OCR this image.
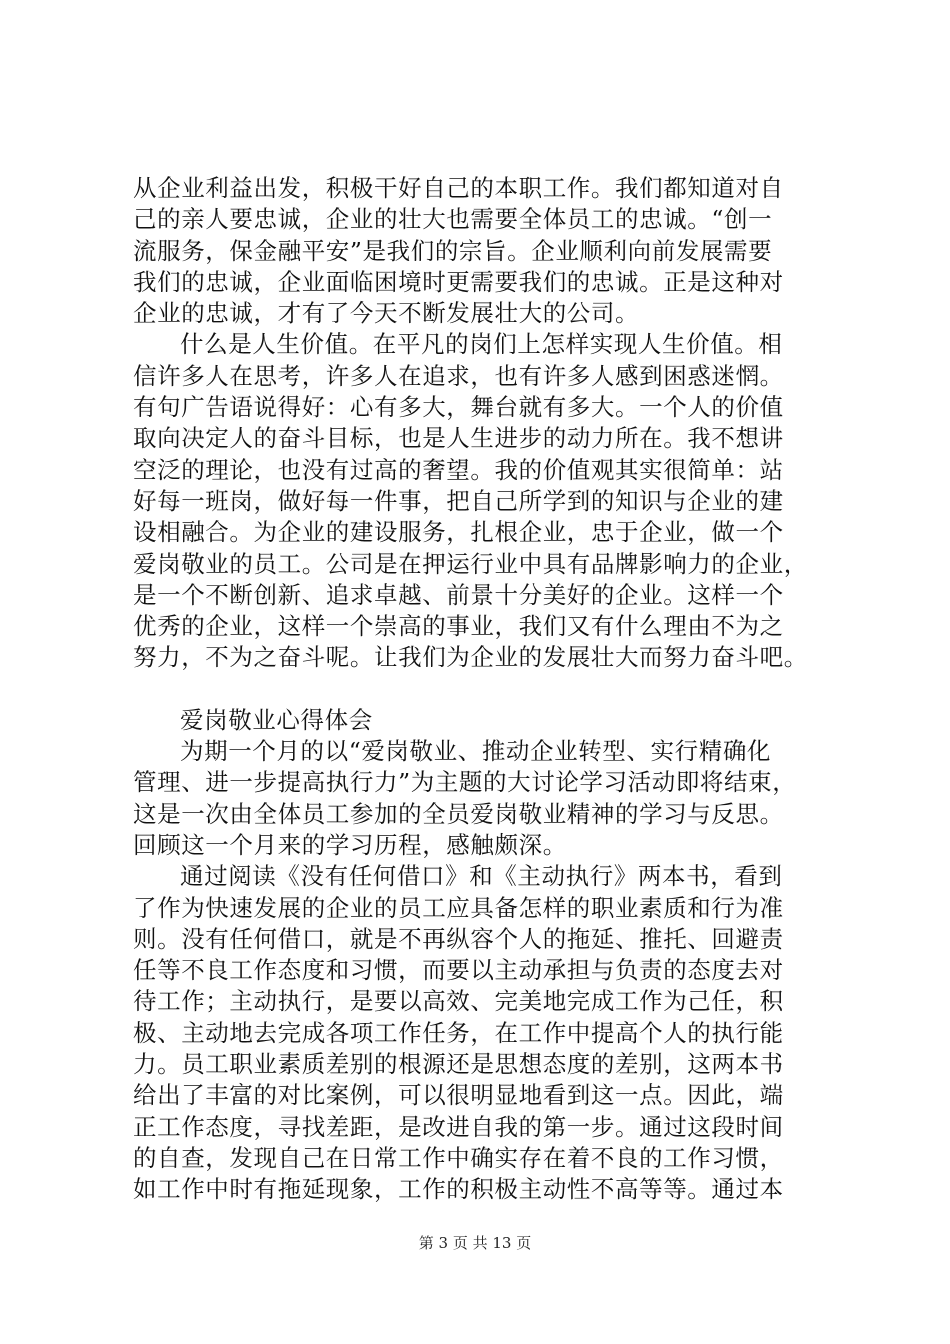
从企业利益出发，积极干好自己的本职工作。我们都知道对自
己的亲人要忠诚，企业的壮大也需要全体员工的忠诚。“创一
流服务，保金融平安”是我们的宗旨。企业顺利向前发展需要
我们的忠诚，企业面临困境时更需要我们的忠诚。正是这种对
企业的忠诚，才有了今天不断发展壮大的公司。
什么是人生价值。在平凡的岗们上怎样实现人生价值。相
信许多人在思考，许多人在追求，也有许多人感到困惑迷惘。
有句广告语说得好：心有多大，舞台就有多大。一个人的价值
取向决定人的奋斗目标，也是人生进步的动力所在。我不想讲
空泛的理论，也没有过高的奢望。我的价值观其实很简单：站
好每一班岗，做好每一件事，把自己所学到的知识与企业的建
设相融合。为企业的建设服务，扎根企业，忠于企业，做一个
爱岗敬业的员工。公司是在押运行业中具有品牌影响力的企业，
是一个不断创新、追求卓越、前景十分美好的企业。这样一个
优秀的企业，这样一个崇高的事业，我们又有什么理由不为之
努力，不为之奋斗呢。让我们为企业的发展壮大而努力奋斗吧。
爱岗敬业心得体会
为期一个月的以“爱岗敬业、推动企业转型、实行精确化
管理、进一步提高执行力”为主题的大讨论学习活动即将结束，
这是一次由全体员工参加的全员爱岗敬业精神的学习与反思。
回顾这一个月来的学习历程，感触颇深。
通过阅读《没有任何借口》和《主动执行》两本书，看到
了作为快速发展的企业的员工应具备怎样的职业素质和行为准
则。没有任何借口，就是不再纵容个人的拖延、推托、回避责
任等不良工作态度和习惯，而要以主动承担与负责的态度去对
待工作；主动执行，是要以高效、完美地完成工作为己任，积
极、主动地去完成各项工作任务，在工作中提高个人的执行能
力。员工职业素质差别的根源还是思想态度的差别，这两本书
给出了丰富的对比案例，可以很明显地看到这一点。因此，端
正工作态度，寻找差距，是改进自我的第一步。通过这段时间
的自查，发现自己在日常工作中确实存在着不良的工作习惯，
如工作中时有拖延现象，工作的积极主动性不高等等。通过本
第 3 页 共 13 页
